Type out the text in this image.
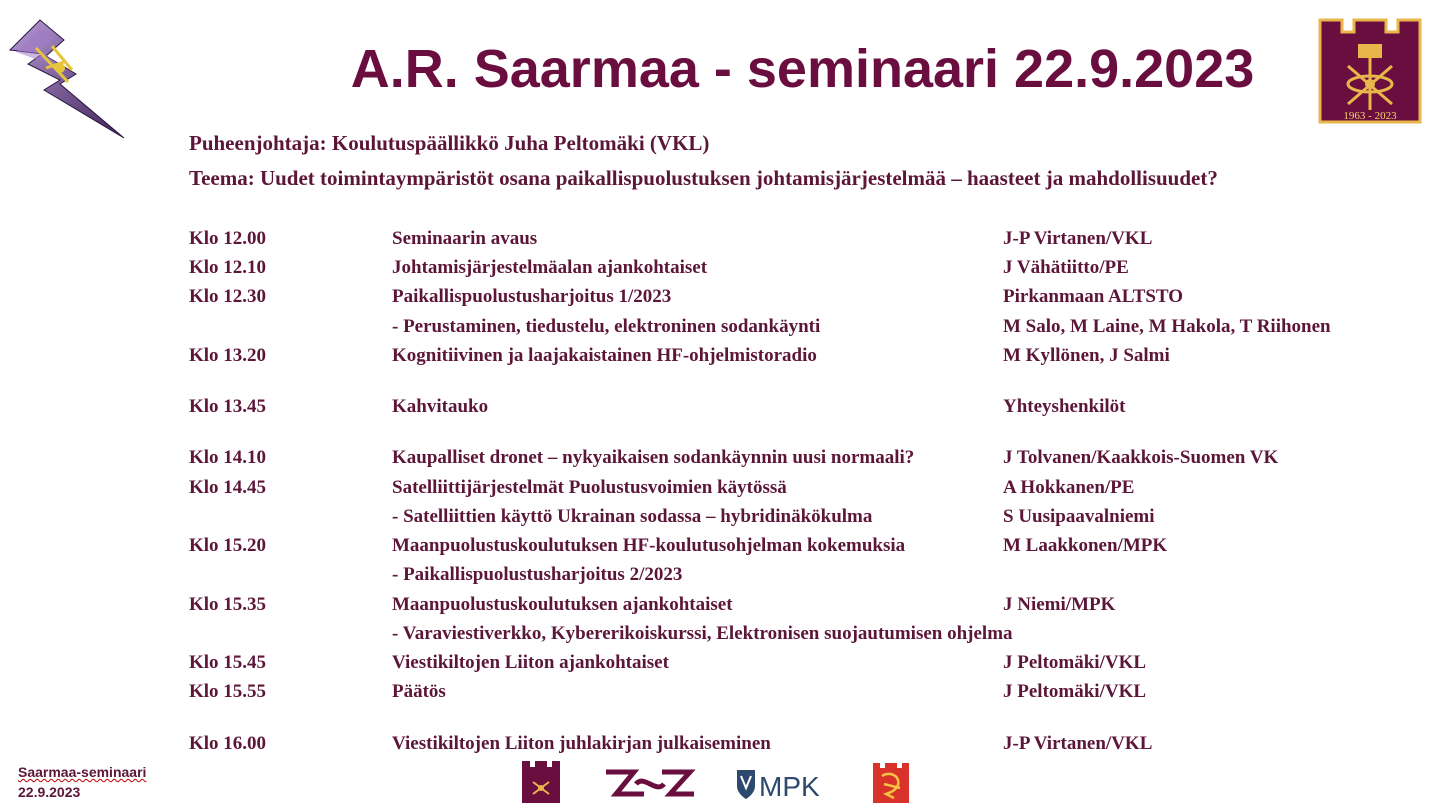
A.R. Saarmaa - seminaari 22.9.2023
1963 - 2023
Puheenjohtaja: Koulutuspäällikkö Juha Peltomäki (VKL)
Teema: Uudet toimintaympäristöt osana paikallispuolustuksen johtamisjärjestelmää – haasteet ja mahdollisuudet?
Klo 12.00	Seminaarin avaus	J-P Virtanen/VKL
Klo 12.10	Johtamisjärjestelmäalan ajankohtaiset	J Vähätiitto/PE
Klo 12.30	Paikallispuolustusharjoitus 1/2023	Pirkanmaan ALTSTO
- Perustaminen, tiedustelu, elektroninen sodankäynti	M Salo, M Laine, M Hakola, T Riihonen
Klo 13.20	Kognitiivinen ja laajakaistainen HF-ohjelmistoradio	M Kyllönen, J Salmi
Klo 13.45	Kahvitauko	Yhteyshenkilöt
Klo 14.10	Kaupalliset dronet – nykyaikaisen sodankäynnin uusi normaali?	J Tolvanen/Kaakkois-Suomen VK
Klo 14.45	Satelliittijärjestelmät Puolustusvoimien käytössä	A Hokkanen/PE
- Satelliittien käyttö Ukrainan sodassa – hybridinäkökulma	S Uusipaavalniemi
Klo 15.20	Maanpuolustuskoulutuksen HF-koulutusohjelman kokemuksia	M Laakkonen/MPK
- Paikallispuolustusharjoitus 2/2023
Klo 15.35	Maanpuolustuskoulutuksen ajankohtaiset	J Niemi/MPK
- Varaviestiverkko, Kybererikoiskurssi, Elektronisen suojautumisen ohjelma
Klo 15.45	Viestikiltojen Liiton ajankohtaiset	J Peltomäki/VKL
Klo 15.55	Päätös	J Peltomäki/VKL
Klo 16.00	Viestikiltojen Liiton juhlakirjan julkaiseminen	J-P Virtanen/VKL
Saarmaa-seminaari
22.9.2023	MPK
